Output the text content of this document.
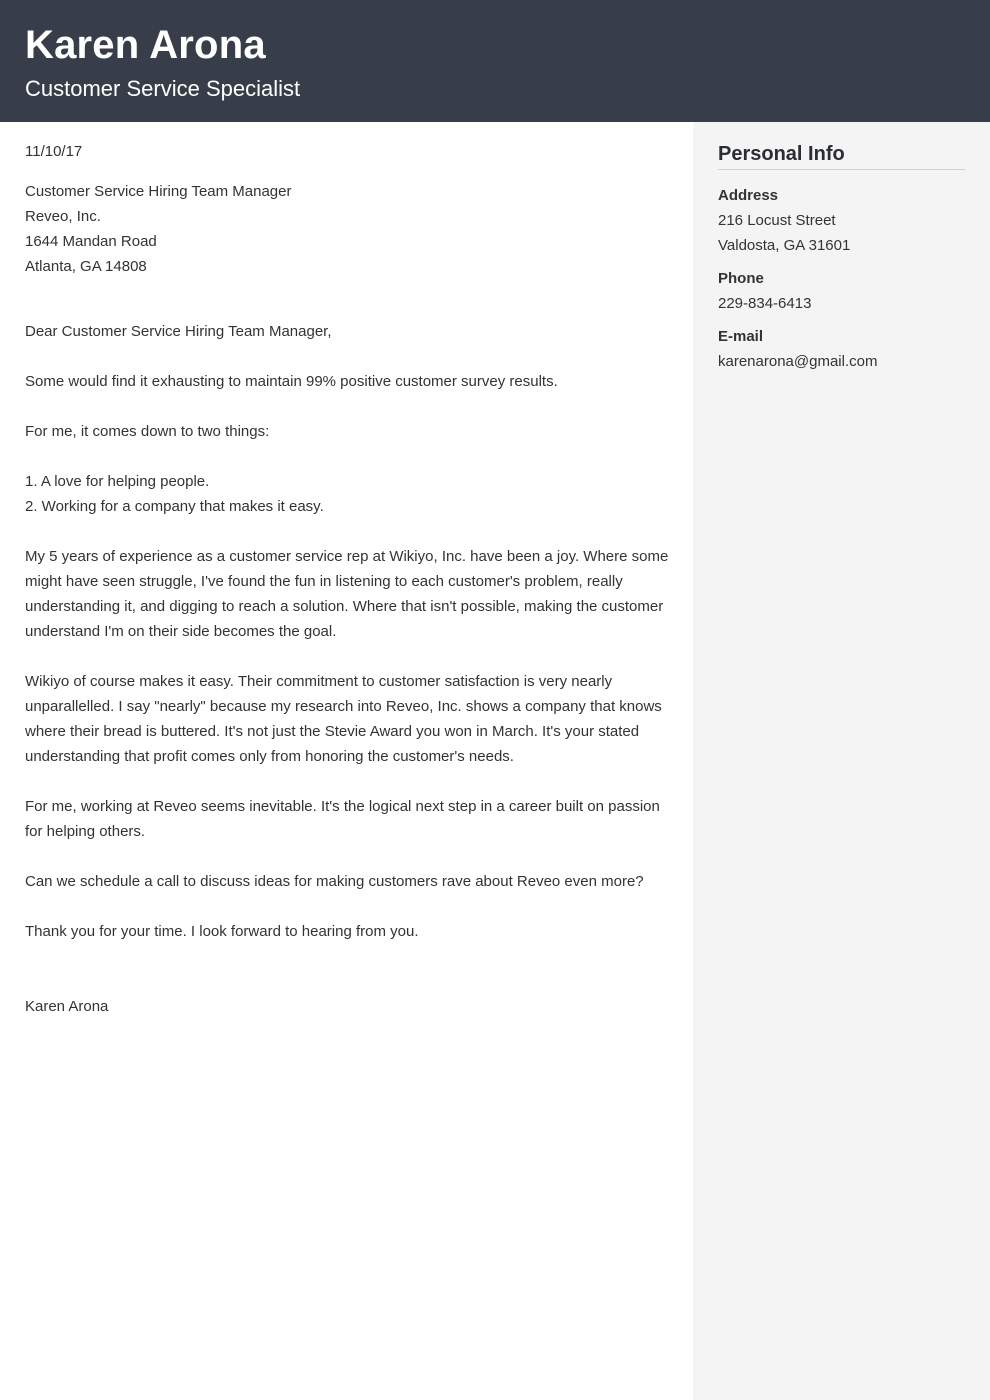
Karen Arona
Customer Service Specialist

11/10/17

Customer Service Hiring Team Manager

Reveo, Inc.

1644 Mandan Road

Atlanta, GA 14808

Dear Customer Service Hiring Team Manager,

Some would find it exhausting to maintain 99% positive customer survey results.

For me, it comes down to two things:

1. A love for helping people.

2. Working for a company that makes it easy.

My 5 years of experience as a customer service rep at Wikiyo, Inc. have been a joy. Where some might have seen struggle, I've found the fun in listening to each customer's problem, really understanding it, and digging to reach a solution. Where that isn't possible, making the customer understand I'm on their side becomes the goal.

Wikiyo of course makes it easy. Their commitment to customer satisfaction is very nearly unparallelled. I say "nearly" because my research into Reveo, Inc. shows a company that knows where their bread is buttered. It's not just the Stevie Award you won in March. It's your stated understanding that profit comes only from honoring the customer's needs.

For me, working at Reveo seems inevitable. It's the logical next step in a career built on passion for helping others.

Can we schedule a call to discuss ideas for making customers rave about Reveo even more?

Thank you for your time. I look forward to hearing from you.

Karen Arona

Personal Info
Address
216 Locust Street
Valdosta, GA 31601
Phone
229-834-6413
E-mail
karenarona@gmail.com
